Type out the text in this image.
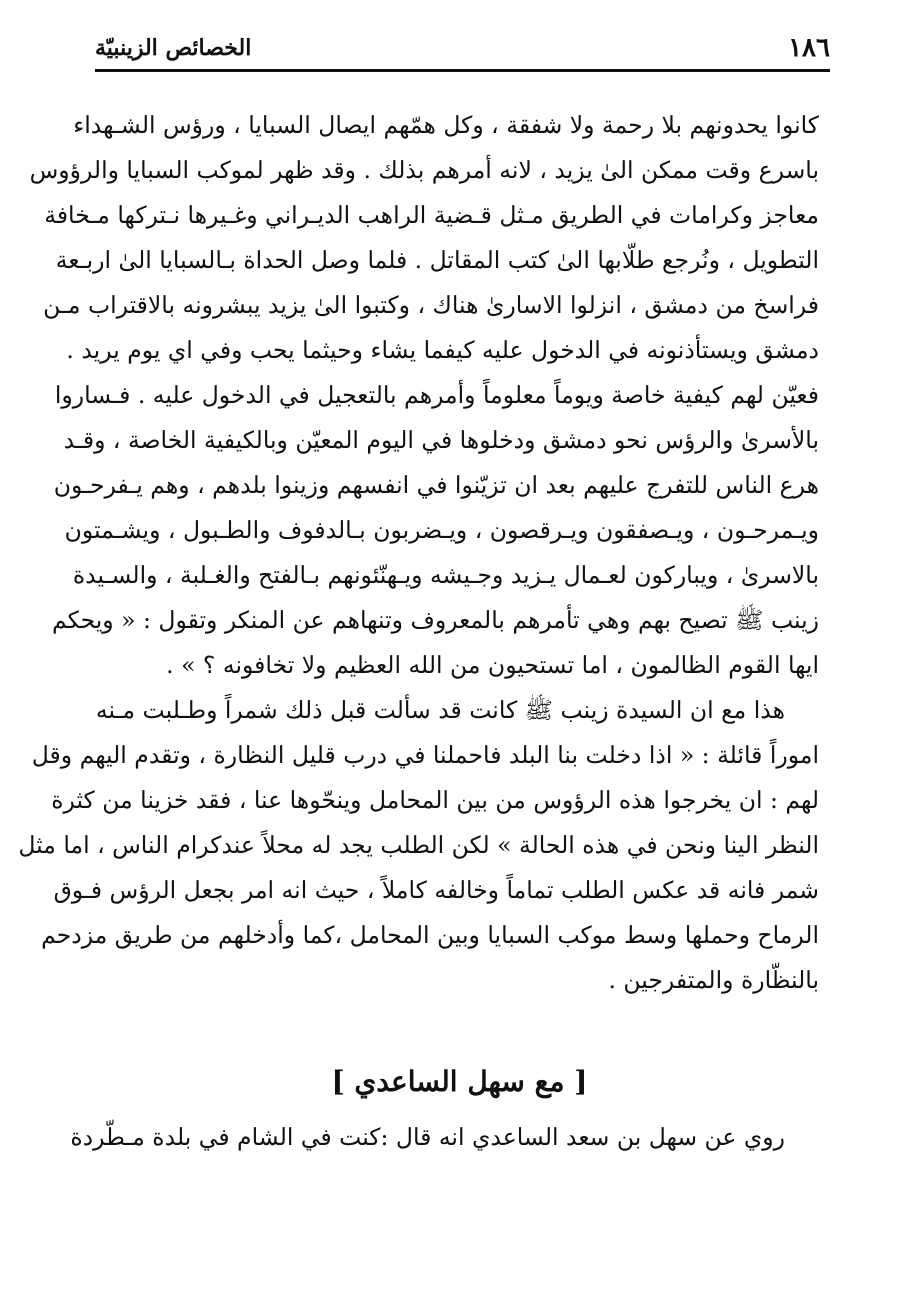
١٨٦
الخصائص الزينبيّة
كانوا يحدونهم بلا رحمة ولا شفقة ، وكل همّهم ايصال السبايا ، ورؤس الشـهداء
باسرع وقت ممكن الىٰ يزيد ، لانه أمرهم بذلك . وقد ظهر لموكب السبايا والرؤوس
معاجز وكرامات في الطريق مـثل قـضية الراهب الديـراني وغـيرها نـتركها مـخافة
التطويل ، ونُرجع طلّابها الىٰ كتب المقاتل . فلما وصل الحداة بـالسبايا الىٰ اربـعة
فراسخ من دمشق ، انزلوا الاسارىٰ هناك ، وكتبوا الىٰ يزيد يبشرونه بالاقتراب مـن
دمشق ويستأذنونه في الدخول عليه كيفما يشاء وحيثما يحب وفي اي يوم يريد .
فعيّن لهم كيفية خاصة ويوماً معلوماً وأمرهم بالتعجيل في الدخول عليه . فـساروا
بالأسرىٰ والرؤس نحو دمشق ودخلوها في اليوم المعيّن وبالكيفية الخاصة ، وقـد
هرع الناس للتفرج عليهم بعد ان تزيّنوا في انفسهم وزينوا بلدهم ، وهم يـفرحـون
ويـمرحـون ، ويـصفقون ويـرقصون ، ويـضربون بـالدفوف والطـبول ، ويشـمتون
بالاسرىٰ ، ويباركون لعـمال يـزيد وجـيشه ويـهنّئونهم بـالفتح والغـلبة ، والسـيدة
زينب ﷺ تصيح بهم وهي تأمرهم بالمعروف وتنهاهم عن المنكر وتقول : « ويحكم
ايها القوم الظالمون ، اما تستحيون من الله العظيم ولا تخافونه ؟ » .
هذا مع ان السيدة زينب ﷺ كانت قد سألت قبل ذلك شمراً وطـلبت مـنه
اموراً قائلة : « اذا دخلت بنا البلد فاحملنا في درب قليل النظارة ، وتقدم اليهم وقل
لهم : ان يخرجوا هذه الرؤوس من بين المحامل وينحّوها عنا ، فقد خزينا من كثرة
النظر الينا ونحن في هذه الحالة » لكن الطلب يجد له محلاً عندكرام الناس ، اما مثل
شمر فانه قد عكس الطلب تماماً وخالفه كاملاً ، حيث انه امر بجعل الرؤس فـوق
الرماح وحملها وسط موكب السبايا وبين المحامل ،كما وأدخلهم من طريق مزدحم
بالنظّارة والمتفرجين .
[ مع سهل الساعدي ]
روي عن سهل بن سعد الساعدي انه قال :كنت في الشام في بلدة مـطّردة
